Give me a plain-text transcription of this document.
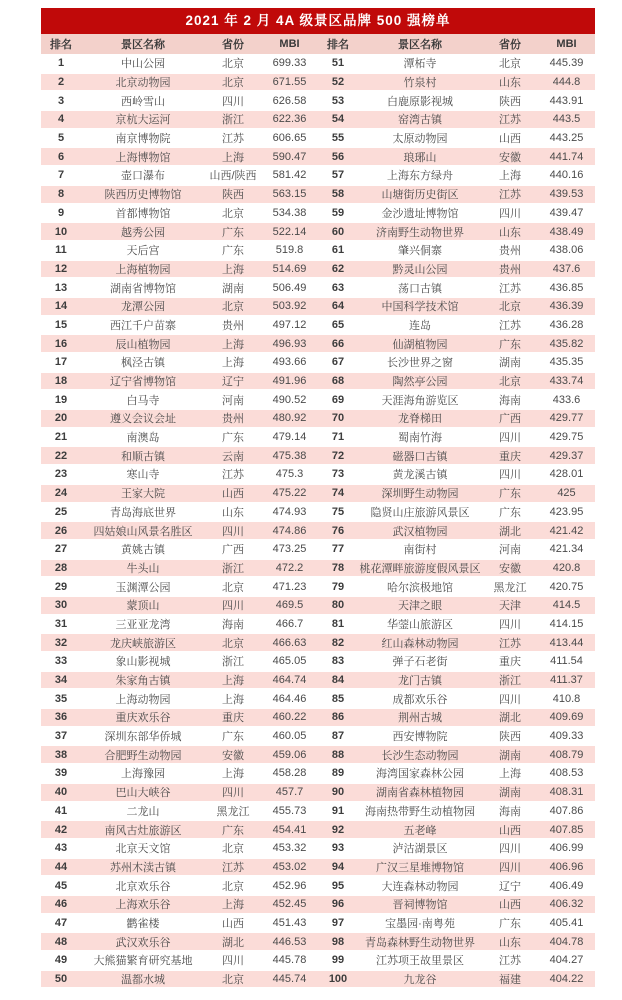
2021 年 2 月 4A 级景区品牌 500 强榜单
排名	景区名称	省份	MBI
1	中山公园	北京	699.33
2	北京动物园	北京	671.55
3	西岭雪山	四川	626.58
4	京杭大运河	浙江	622.36
5	南京博物院	江苏	606.65
6	上海博物馆	上海	590.47
7	壶口瀑布	山西/陕西	581.42
8	陕西历史博物馆	陕西	563.15
9	首都博物馆	北京	534.38
10	越秀公园	广东	522.14
11	天后宫	广东	519.8
12	上海植物园	上海	514.69
13	湖南省博物馆	湖南	506.49
14	龙潭公园	北京	503.92
15	西江千户苗寨	贵州	497.12
16	辰山植物园	上海	496.93
17	枫泾古镇	上海	493.66
18	辽宁省博物馆	辽宁	491.96
19	白马寺	河南	490.52
20	遵义会议会址	贵州	480.92
21	南澳岛	广东	479.14
22	和顺古镇	云南	475.38
23	寒山寺	江苏	475.3
24	王家大院	山西	475.22
25	青岛海底世界	山东	474.93
26	四姑娘山风景名胜区	四川	474.86
27	黄姚古镇	广西	473.25
28	牛头山	浙江	472.2
29	玉渊潭公园	北京	471.23
30	蒙顶山	四川	469.5
31	三亚亚龙湾	海南	466.7
32	龙庆峡旅游区	北京	466.63
33	象山影视城	浙江	465.05
34	朱家角古镇	上海	464.74
35	上海动物园	上海	464.46
36	重庆欢乐谷	重庆	460.22
37	深圳东部华侨城	广东	460.05
38	合肥野生动物园	安徽	459.06
39	上海豫园	上海	458.28
40	巴山大峡谷	四川	457.7
41	二龙山	黑龙江	455.73
42	南风古灶旅游区	广东	454.41
43	北京天文馆	北京	453.32
44	苏州木渎古镇	江苏	453.02
45	北京欢乐谷	北京	452.96
46	上海欢乐谷	上海	452.45
47	鹳雀楼	山西	451.43
48	武汉欢乐谷	湖北	446.53
49	大熊猫繁育研究基地	四川	445.78
50	温都水城	北京	445.74
排名	景区名称	省份	MBI
51	潭柘寺	北京	445.39
52	竹泉村	山东	444.8
53	白鹿原影视城	陕西	443.91
54	窑湾古镇	江苏	443.5
55	太原动物园	山西	443.25
56	琅琊山	安徽	441.74
57	上海东方绿舟	上海	440.16
58	山塘街历史街区	江苏	439.53
59	金沙遗址博物馆	四川	439.47
60	济南野生动物世界	山东	438.49
61	肇兴侗寨	贵州	438.06
62	黔灵山公园	贵州	437.6
63	荡口古镇	江苏	436.85
64	中国科学技术馆	北京	436.39
65	连岛	江苏	436.28
66	仙湖植物园	广东	435.82
67	长沙世界之窗	湖南	435.35
68	陶然亭公园	北京	433.74
69	天涯海角游览区	海南	433.6
70	龙脊梯田	广西	429.77
71	蜀南竹海	四川	429.75
72	磁器口古镇	重庆	429.37
73	黄龙溪古镇	四川	428.01
74	深圳野生动物园	广东	425
75	隐贤山庄旅游风景区	广东	423.95
76	武汉植物园	湖北	421.42
77	南街村	河南	421.34
78	桃花潭畔旅游度假风景区	安徽	420.8
79	哈尔滨极地馆	黑龙江	420.75
80	天津之眼	天津	414.5
81	华蓥山旅游区	四川	414.15
82	红山森林动物园	江苏	413.44
83	弹子石老街	重庆	411.54
84	龙门古镇	浙江	411.37
85	成都欢乐谷	四川	410.8
86	荆州古城	湖北	409.69
87	西安博物院	陕西	409.33
88	长沙生态动物园	湖南	408.79
89	海湾国家森林公园	上海	408.53
90	湖南省森林植物园	湖南	408.31
91	海南热带野生动植物园	海南	407.86
92	五老峰	山西	407.85
93	泸沽湖景区	四川	406.99
94	广汉三星堆博物馆	四川	406.96
95	大连森林动物园	辽宁	406.49
96	晋祠博物馆	山西	406.32
97	宝墨园·南粤苑	广东	405.41
98	青岛森林野生动物世界	山东	404.78
99	江苏项王故里景区	江苏	404.27
100	九龙谷	福建	404.22
